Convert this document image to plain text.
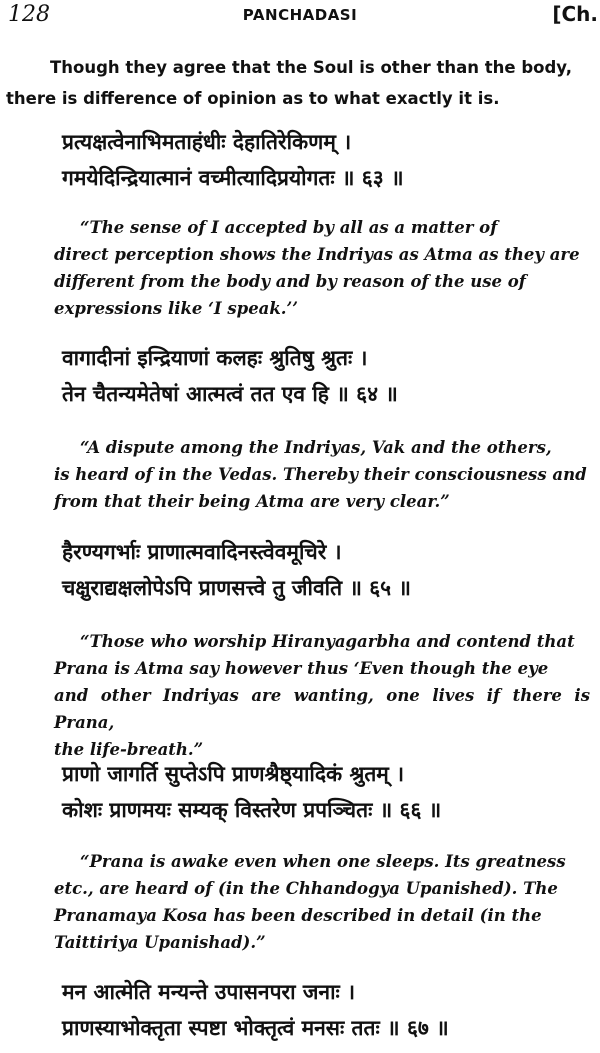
128	PANCHADASI	[Ch.
Though they agree that the Soul is other than the body,
there is difference of opinion as to what exactly it is.
प्रत्यक्षत्वेनाभिमताहंधीः देहातिरेकिणम् ।
गमयेदिन्द्रियात्मानं वच्मीत्यादिप्रयोगतः ॥ ६३ ॥
“The sense of I accepted by all as a matter of
direct perception shows the Indriyas as Atma as they are
different from the body and by reason of the use of
expressions like ‘I speak.’’
वागादीनां इन्द्रियाणां कलहः श्रुतिषु श्रुतः ।
तेन चैतन्यमेतेषां आत्मत्वं तत एव हि ॥ ६४ ॥
“A dispute among the Indriyas, Vak and the others,
is heard of in the Vedas. Thereby their consciousness and
from that their being Atma are very clear.”
हैरण्यगर्भाः प्राणात्मवादिनस्त्वेवमूचिरे ।
चक्षुराद्यक्षलोपेऽपि प्राणसत्त्वे तु जीवति ॥ ६५ ॥
“Those who worship Hiranyagarbha and contend that
Prana is Atma say however thus ‘Even though the eye
and other Indriyas are wanting, one lives if there is Prana,
the life-breath.”
प्राणो जागर्ति सुप्तेऽपि प्राणश्रैष्ठ्यादिकं श्रुतम् ।
कोशः प्राणमयः सम्यक् विस्तरेण प्रपञ्चितः ॥ ६६ ॥
“Prana is awake even when one sleeps. Its greatness
etc., are heard of (in the Chhandogya Upanished). The
Pranamaya Kosa has been described in detail (in the
Taittiriya Upanishad).”
मन आत्मेति मन्यन्ते उपासनपरा जनाः ।
प्राणस्याभोक्तृता स्पष्टा भोक्तृत्वं मनसः ततः ॥ ६७ ॥
